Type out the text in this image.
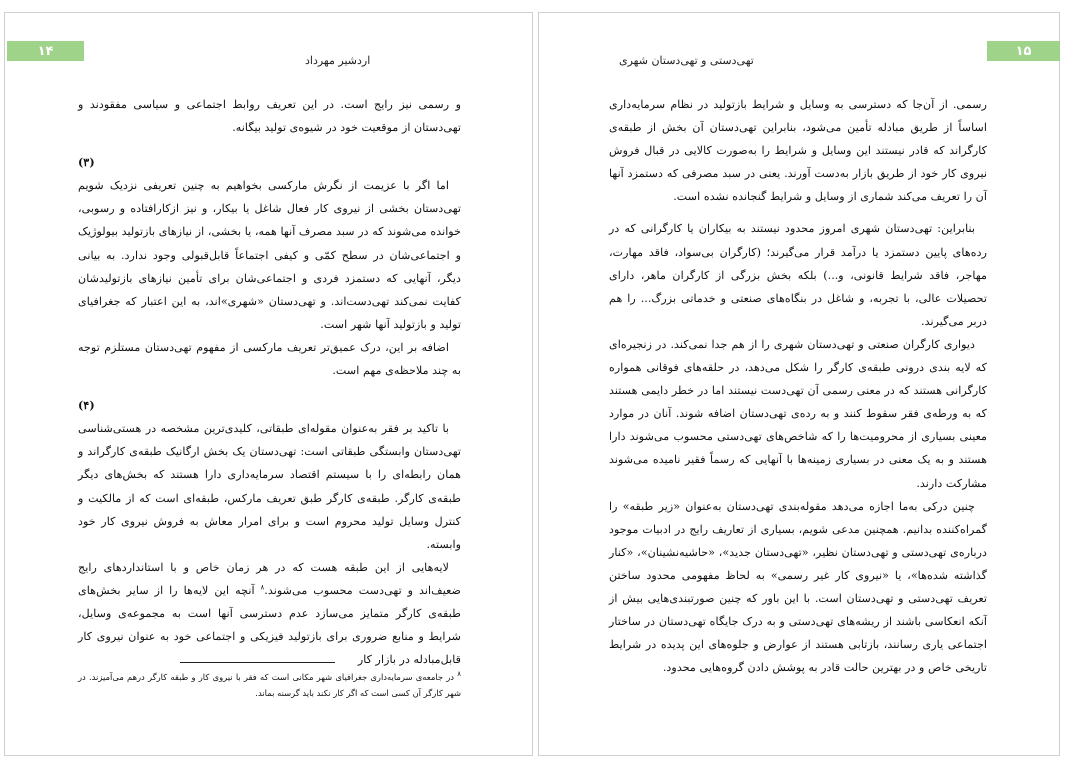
۱۴
اردشیر مهرداد

و رسمی نیز رایج است. در این تعریف روابط اجتماعی و سیاسی مفقودند و تهی‌دستان از موقعیت خود در شیوه‌ی تولید بیگانه.

(۳)

اما اگر با عزیمت از نگرش مارکسی بخواهیم به چنین تعریفی نزدیک شویم تهی‌دستان بخشی از نیروی کار فعال شاغل یا بیکار، و نیز ازکارافتاده و رسوبی، خوانده می‌شوند که در سبد مصرف آنها همه، یا بخشی، از نیازهای بازتولید بیولوژیک و اجتماعی‌شان در سطح کمّی و کیفی اجتماعاً قابل‌قبولی وجود ندارد. به بیانی دیگر، آنهایی که دستمزد فردی و اجتماعی‌شان برای تأمین نیازهای بازتولیدشان کفایت نمی‌کند تهی‌دست‌اند. و تهی‌دستان «شهری»اند، به این اعتبار که جغرافیای تولید و بازتولید آنها شهر است.

اضافه بر این، درک عمیق‌تر تعریف مارکسی از مفهوم تهی‌دستان مستلزم توجه به چند ملاحظه‌ی مهم است.

(۴)

با تاکید بر فقر به‌عنوان مقوله‌ای طبقاتی، کلیدی‌ترین مشخصه در هستی‌شناسی تهی‌دستان وابستگی طبقاتی است: تهی‌دستان یک بخش ارگانیک طبقه‌ی کارگراند و همان رابطه‌ای را با سیستم اقتصاد سرمایه‌داری دارا هستند که بخش‌های دیگر طبقه‌ی کارگر. طبقه‌ی کارگر طبق تعریف مارکس، طبقه‌ای است که از مالکیت و کنترل وسایل تولید محروم است و برای امرار معاش به فروش نیروی کار خود وابسته.

لایه‌هایی از این طبقه هست که در هر زمان خاص و با استانداردهای رایج ضعیف‌اند و تهی‌دست محسوب می‌شوند.$^۸$ آنچه این لایه‌ها را از سایر بخش‌های طبقه‌ی کارگر متمایز می‌سازد عدم دسترسی آنها است به مجموعه‌ی وسایل، شرایط و منابع ضروری برای بازتولید فیزیکی و اجتماعی خود به عنوان نیروی کار قابل‌مبادله در بازار کار

$^۸$ در جامعه‌ی سرمایه‌داری جغرافیای شهر مکانی است که فقر با نیروی کار و طبقه کارگر درهم می‌آمیزند. در شهر کارگر آن کسی است که اگر کار نکند باید گرسنه بماند.
۱۵
تهی‌دستی و تهی‌دستان شهری

رسمی. از آن‌جا که دسترسی به وسایل و شرایط بازتولید در نظام سرمایه‌داری اساساً از طریق مبادله تأمین می‌شود، بنابراین تهی‌دستان آن بخش از طبقه‌ی کارگراند که قادر نیستند این وسایل و شرایط را به‌صورت کالایی در قبال فروش نیروی کار خود از طریق بازار به‌دست آورند. یعنی در سبد مصرفی که دستمزد آنها آن را تعریف می‌کند شماری از وسایل و شرایط گنجانده نشده است.

بنابراین: تهی‌دستان شهری امروز محدود نیستند به بیکاران یا کارگرانی که در رده‌های پایین دستمزد یا درآمد قرار می‌گیرند؛ (کارگران بی‌سواد، فاقد مهارت، مهاجر، فاقد شرایط قانونی، و...) بلکه بخش بزرگی از کارگران ماهر، دارای تحصیلات عالی، با تجربه، و شاغل در بنگاه‌های صنعتی و خدماتی بزرگ... را هم دربر می‌گیرند.

دیواری کارگران صنعتی و تهی‌دستان شهری را از هم جدا نمی‌کند. در زنجیره‌ای که لایه بندی درونی طبقه‌ی کارگر را شکل می‌دهد، در حلقه‌های فوقانی همواره کارگرانی هستند که در معنی رسمی آن تهی‌دست نیستند اما در خطر دایمی هستند که به ورطه‌ی فقر سقوط کنند و به رده‌ی تهی‌دستان اضافه شوند. آنان در موارد معینی بسیاری از محرومیت‌ها را که شاخص‌های تهی‌دستی محسوب می‌شوند دارا هستند و به یک معنی در بسیاری زمینه‌ها با آنهایی که رسماً فقیر نامیده می‌شوند مشارکت دارند.

چنین درکی به‌ما اجازه می‌دهد مقوله‌بندی تهی‌دستان به‌عنوان «زیر طبقه» را گمراه‌کننده بدانیم. همچنین مدعی شویم، بسیاری از تعاریف رایج در ادبیات موجود درباره‌ی تهی‌دستی و تهی‌دستان نظیر، «تهی‌دستان جدید»، «حاشیه‌نشینان»، «کنار گذاشته شده‌ها»، یا «نیروی کار غیر رسمی» به لحاظ مفهومی محدود ساختن تعریف تهی‌دستی و تهی‌دستان است. با این باور که چنین صورتبندی‌هایی بیش از آنکه انعکاسی باشند از ریشه‌های تهی‌دستی و به درک جایگاه تهی‌دستان در ساختار اجتماعی یاری رسانند، بازتابی هستند از عوارض و جلوه‌های این پدیده در شرایط تاریخی خاص و در بهترین حالت قادر به پوشش دادن گروه‌هایی محدود.
